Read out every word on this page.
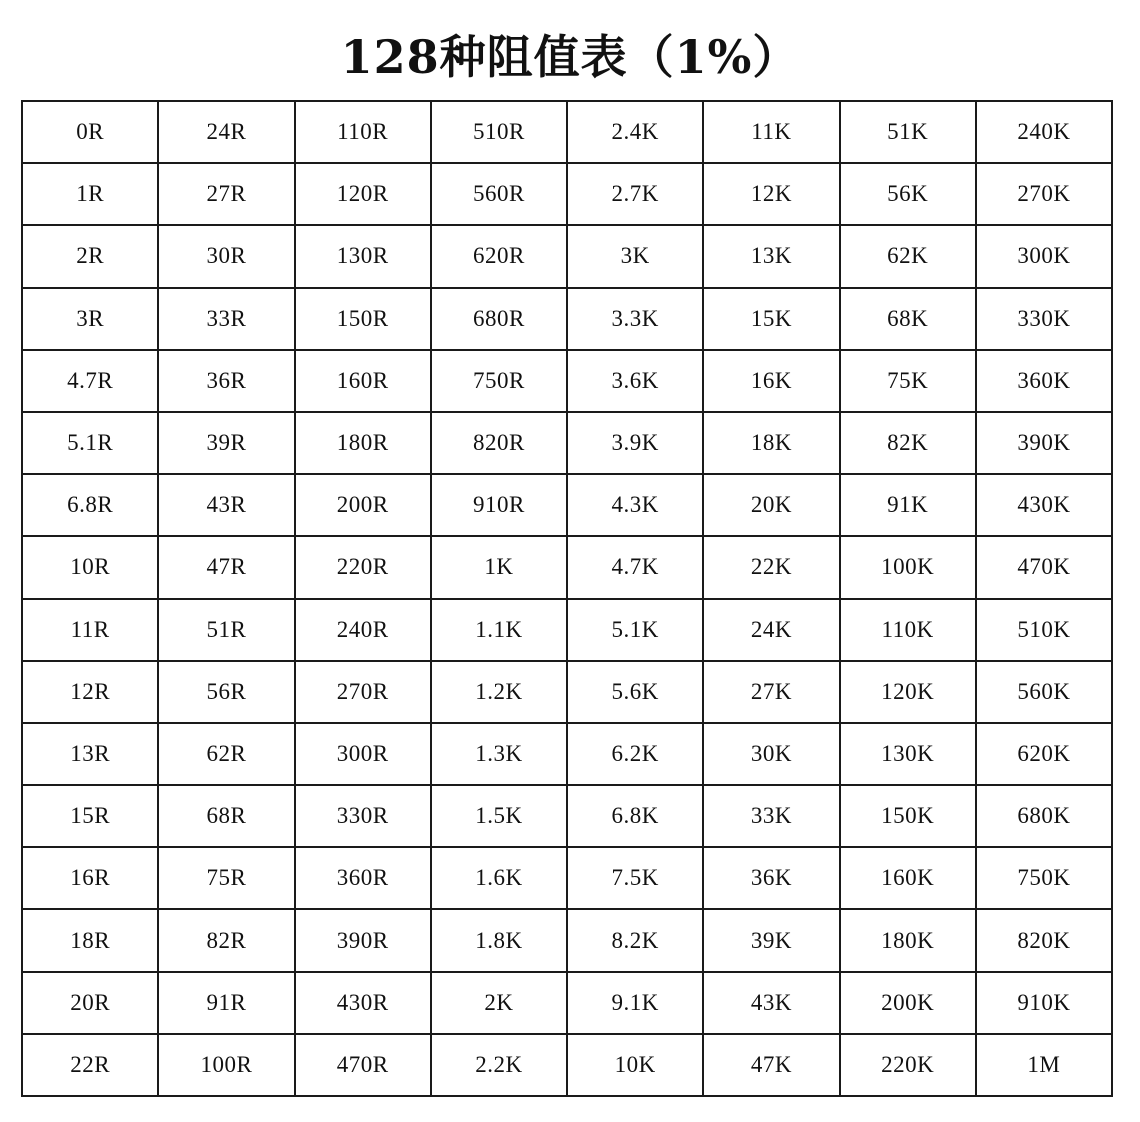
128种阻值表（1%）
0R	24R	110R	510R	2.4K	11K	51K	240K
1R	27R	120R	560R	2.7K	12K	56K	270K
2R	30R	130R	620R	3K	13K	62K	300K
3R	33R	150R	680R	3.3K	15K	68K	330K
4.7R	36R	160R	750R	3.6K	16K	75K	360K
5.1R	39R	180R	820R	3.9K	18K	82K	390K
6.8R	43R	200R	910R	4.3K	20K	91K	430K
10R	47R	220R	1K	4.7K	22K	100K	470K
11R	51R	240R	1.1K	5.1K	24K	110K	510K
12R	56R	270R	1.2K	5.6K	27K	120K	560K
13R	62R	300R	1.3K	6.2K	30K	130K	620K
15R	68R	330R	1.5K	6.8K	33K	150K	680K
16R	75R	360R	1.6K	7.5K	36K	160K	750K
18R	82R	390R	1.8K	8.2K	39K	180K	820K
20R	91R	430R	2K	9.1K	43K	200K	910K
22R	100R	470R	2.2K	10K	47K	220K	1M
